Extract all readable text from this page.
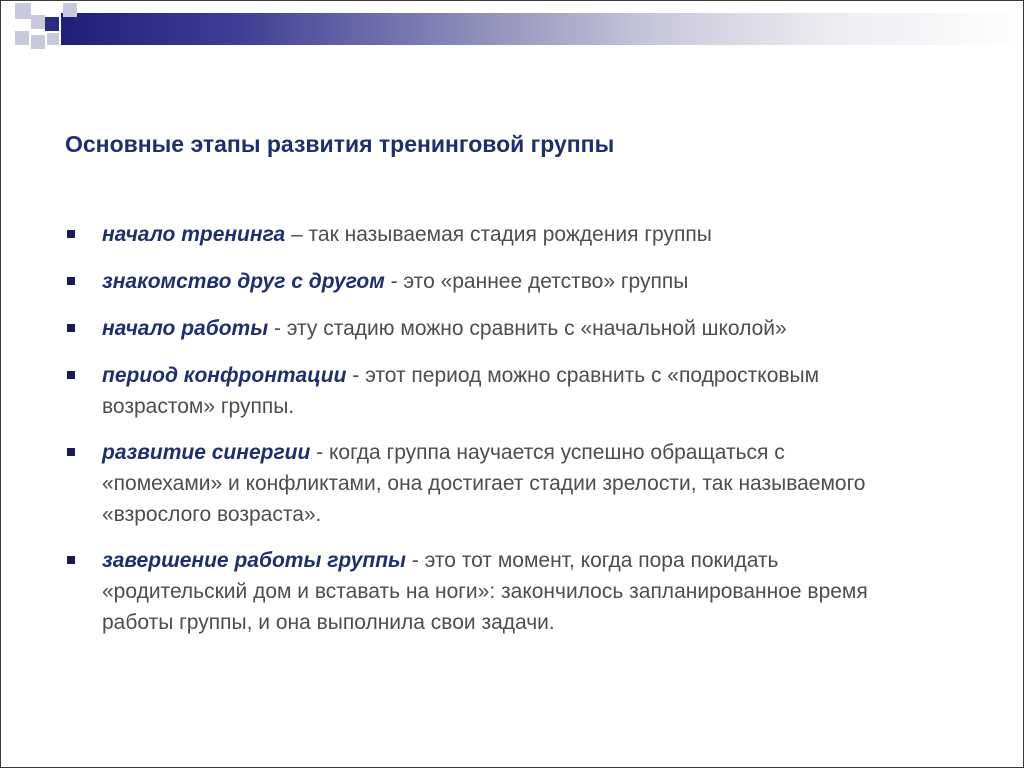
Основные этапы развития тренинговой группы
начало тренинга – так называемая стадия рождения группы
знакомство друг с другом - это «раннее детство» группы
начало работы - эту стадию можно сравнить с «начальной школой»
период конфронтации - этот период можно сравнить с «подростковым
возрастом» группы.
развитие синергии - когда группа научается успешно обращаться с
«помехами» и конфликтами, она достигает стадии зрелости, так называемого
«взрослого возраста».
завершение работы группы - это тот момент, когда пора покидать
«родительский дом и вставать на ноги»: закончилось запланированное время
работы группы, и она выполнила свои задачи.
